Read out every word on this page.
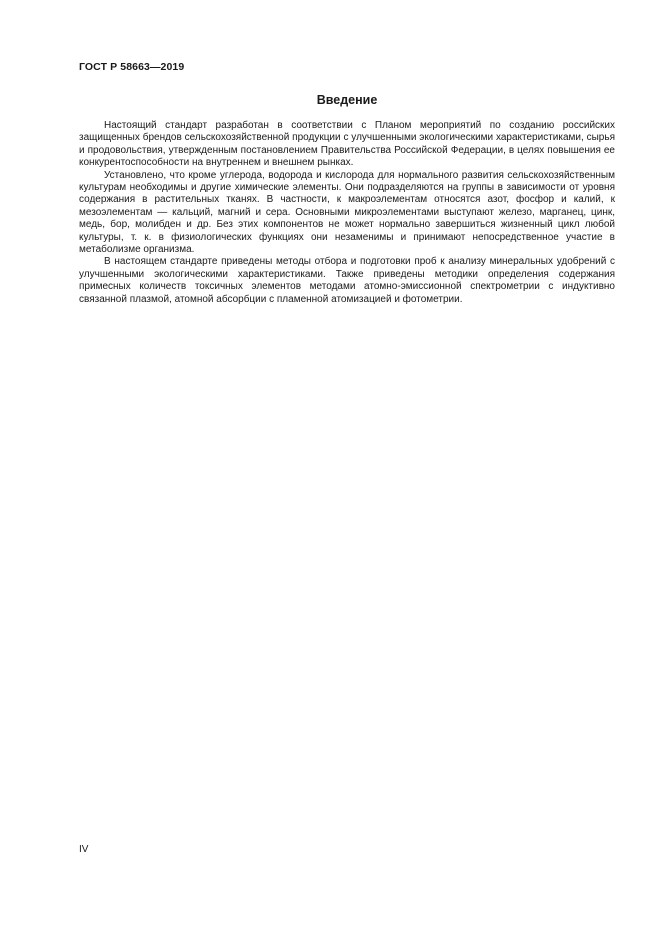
ГОСТ Р 58663—2019
Введение

Настоящий стандарт разработан в соответствии с Планом мероприятий по созданию российских защищенных брендов сельскохозяйственной продукции с улучшенными экологическими характеристиками, сырья и продовольствия, утвержденным постановлением Правительства Российской Федерации, в целях повышения ее конкурентоспособности на внутреннем и внешнем рынках.

Установлено, что кроме углерода, водорода и кислорода для нормального развития сельскохозяйственным культурам необходимы и другие химические элементы. Они подразделяются на группы в зависимости от уровня содержания в растительных тканях. В частности, к макроэлементам относятся азот, фосфор и калий, к мезоэлементам — кальций, магний и сера. Основными микроэлементами выступают железо, марганец, цинк, медь, бор, молибден и др. Без этих компонентов не может нормально завершиться жизненный цикл любой культуры, т. к. в физиологических функциях они незаменимы и принимают непосредственное участие в метаболизме организма.

В настоящем стандарте приведены методы отбора и подготовки проб к анализу минеральных удобрений с улучшенными экологическими характеристиками. Также приведены методики определения содержания примесных количеств токсичных элементов методами атомно-эмиссионной спектрометрии с индуктивно связанной плазмой, атомной абсорбции с пламенной атомизацией и фотометрии.

IV
